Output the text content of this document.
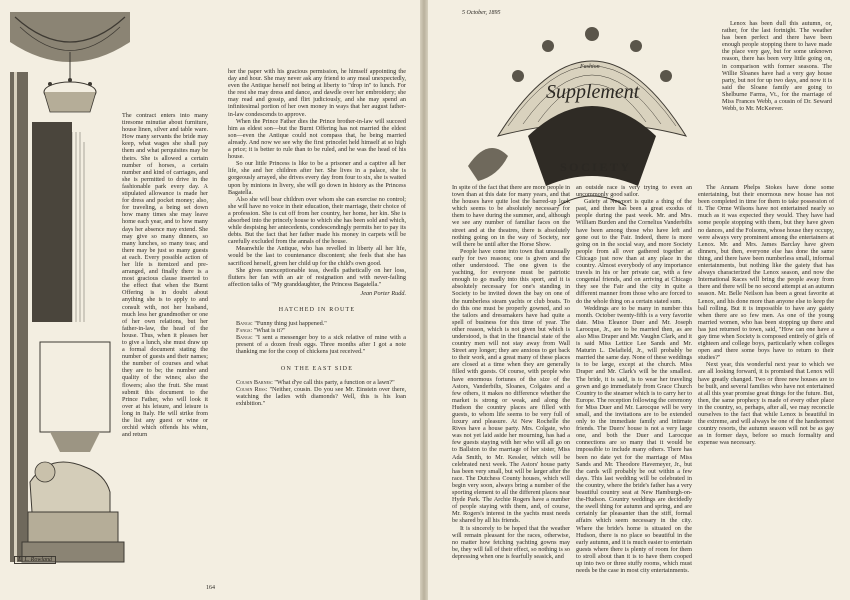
L. L. Rowland

The contract enters into many tiresome minutiæ about furniture, house linen, silver and table ware. How many servants the bride may keep, what wages she shall pay them and what perquisites may be theirs. She is allowed a certain number of horses, a certain number and kind of carriages, and she is permitted to drive in the fashionable park every day. A stipulated allowance is made her for dress and pocket money; also, for traveling, a being set down how many times she may leave home each year, and to how many days her absence may extend. She may give so many dinners, so many lunches, so many teas; and there may be just so many guests at each. Every possible action of her life is itemized and pre-arranged, and finally there is a most gracious clause inserted to the effect that when the Burnt Offering is in doubt about anything she is to apply to and consult with, not her husband, much less her grandmother or one of her own relations, but her father-in-law, the head of the house. Thus, when it pleases her to give a lunch, she must draw up a formal document stating the number of guests and their names; the number of courses and what they are to be; the number and quality of the wines; also the flowers; also the fruit. She must submit this document to the Prince Father, who will look it over at his leisure, and leisure is long in Italy. He will strike from the list any guest or wine or orchid which offends his whim, and return

her the paper with his gracious permission, he himself appointing the day and hour. She may never ask any friend to any meal unexpectedly, even the Antique herself not being at liberty to "drop in" to lunch. For the rest she may dress and dance, and dawdle over her embroidery; she may read and gossip, and flirt judiciously, and she may spend an infinitesimal portion of her own money in ways that her august father-in-law condescends to approve.

When the Prince Father dies the Prince brother-in-law will succeed him as eldest son—but the Burnt Offering has not married the eldest son—even the Antique could not compass that, he being married already. And now we see why the first princelet held himself at so high a price; it is better to rule than to be ruled, and he was the head of his house.

So our little Princess is like to be a prisoner and a captive all her life, she and her children after her. She lives in a palace, she is gorgeously arrayed, she drives every day from four to six, she is waited upon by minions in livery, she will go down in history as the Princess Bagatella.

Also she will bear children over whom she can exercise no control; she will have no voice in their education, their marriage, their choice of a profession. She is cut off from her country, her home, her kin. She is absorbed into the princely house to which she has been sold and which, while despising her antecedents, condescendingly permits her to pay its debts. But the fact that her father made his money in carpets will be carefully excluded from the annals of the house.

Meanwhile the Antique, who has revelled in liberty all her life, would be the last to countenance discontent; she feels that she has sacrificed herself, given her child up for the child's own good.

She gives unexceptionable teas, dwells pathetically on her loss, flutters her fan with an air of resignation and with never-failing affection talks of "My granddaughter, the Princess Bagatella."

Jean Porter Rudd.
HATCHED IN ROUTE

Bangs: "Funny thing just happened."

Fangs: "What is it?"

Bangs: "I sent a messenger boy to a sick relative of mine with a present of a dozen fresh eggs. Three months after I got a note thanking me for the coop of chickens just received."

ON THE EAST SIDE

Cousin Barnes: "What d'ye call this party, a function or a lawn?"

Cousin Ress: "Neither, cousin. Do you see Mr. Einstein over there, watching the ladies with diamonds? Well, this is his loan exhibition."

164
5 October, 1895
Fashion
Supplement
SOCIETY

Lenox has been dull this autumn, or, rather, for the last fortnight. The weather has been perfect and there have been enough people stopping there to have made the place very gay, but for some unknown reason, there has been very little going on, in comparison with former seasons. The Willie Sloanes have had a very gay house party, but not for up two days, and now it is said the Sloane family are going to Shelburne Farms, Vt., for the marriage of Miss Frances Webb, a cousin of Dr. Seward Webb, to Mr. McKeever.

In spite of the fact that there are more people in town than at this date for many years, and that the houses have quite lost the barred-up look which seems to be absolutely necessary for them to have during the summer, and, although we see any number of familiar faces on the street and at the theatres, there is absolutely nothing going on in the way of Society, nor will there be until after the Horse Show.

People have come into town that unusually early for two reasons; one is given and the other understood. The one given is the yachting, for everyone must be patriotic enough to go madly into this sport, and it is absolutely necessary for one's standing in Society to be invited down the bay on one of the numberless steam yachts or club boats. To do this one must be properly gowned, and so the tailors and dressmakers have had quite a spell of business for this time of year. The other reason, which is not given but which is understood, is that in the financial state of the country men will not stay away from Wall Street any longer; they are anxious to get back to their work, and a great many of these places are closed at a time when they are generally filled with guests. Of course, with people who have enormous fortunes of the size of the Astors, Vanderbilts, Sloanes, Colgates and a few others, it makes no difference whether the market is strong or weak, and along the Hudson the country places are filled with guests, to whom life seems to be very full of luxury and pleasure. At New Rochelle the Rives have a house party. Mrs. Colgate, who was not yet laid aside her mourning, has had a few guests staying with her who will all go on to Ballston to the marriage of her sister, Miss Ada Smith, to Mr. Kessler, which will be celebrated next week. The Astors' house party has been very small, but will be larger after the race. The Dutchess County houses, which will begin very soon, always bring a number of the sporting element to all the different places near Hyde Park. The Archie Rogers have a number of people staying with them, and, of course, Mr. Rogers's interest in the yachts must needs be shared by all his friends.

It is sincerely to be hoped that the weather will remain pleasant for the races, otherwise, no matter how fetching yachting gowns may be, they will fall of their effect, so nothing is so depressing when one is fearfully seasick, and

an outside race is very trying to even an uncommonly good sailor.

Gaiety at Newport is quite a thing of the past, and there has been a great exodus of people during the past week. Mr. and Mrs. William Burden and the Cornelius Vanderbilts have been among those who have left and gone out to the Fair. Indeed, there is more going on in the social way, and more Society people from all over gathered together at Chicago just now than at any place in the country. Almost everybody of any importance travels in his or her private car, with a few congenial friends, and on arriving at Chicago they see the Fair and the city in quite a different manner from those who are forced to do the whole thing on a certain stated sum.

Weddings are to be many in number this month. October twenty-fifth is a very favorite date. Miss Eleanor Duer and Mr. Joseph Larocque, Jr., are to be married then, as are also Miss Draper and Mr. Vaughn Clark, and it is said Miss Lettice Lee Sands and Mr. Maturin L. Delafield, Jr., will probably be married the same day. None of these weddings is to be large, except at the church. Miss Draper and Mr. Clark's will be the smallest. The bride, it is said, is to wear her traveling gown and go immediately from Grace Church Country to the steamer which is to carry her to Europe. The reception following the ceremony for Miss Duer and Mr. Larocque will be very small, and the invitations are to be extended only to the immediate family and intimate friends. The Duers' house is not a very large one, and both the Duer and Larocque connections are so many that it would be impossible to include many others. There has been no date yet for the marriage of Miss Sands and Mr. Theodore Havemeyer, Jr., but the cards will probably be out within a few days. This last wedding will be celebrated in the country, where the bride's father has a very beautiful country seat at New Hamburgh-on-the-Hudson. Country weddings are decidedly the swell thing for autumn and spring, and are certainly far pleasanter than the stiff, formal affairs which seem necessary in the city. Where the bride's home is situated on the Hudson, there is no place so beautiful in the early autumn, and it is much easier to entertain guests where there is plenty of room for them to stroll about than it is to have them cooped up into two or three stuffy rooms, which must needs be the case in most city entertainments.

The Annam Phelps Stokes have done some entertaining, but their enormous new house has not been completed in time for them to take possession of it. The Orme Wilsons have not entertained nearly so much as it was expected they would. They have had some people stopping with them, but they have given no dances, and the Folsoms, whose house they occupy, were always very prominent among the entertainers at Lenox. Mr. and Mrs. James Barclay have given dinners, but then, everyone else has done the same thing, and there have been numberless small, informal entertainments, but nothing like the gaiety that has always characterized the Lenox season, and now the International Races will bring the people away from there and there will be no second attempt at an autumn season. Mr. Belle Neilson has been a great favorite at Lenox, and his done more than anyone else to keep the ball rolling. But it is impossible to have any gaiety when there are so few men. As one of the young married women, who has been stopping up there and has just returned to town, said, "How can one have a gay time when Society is composed entirely of girls of eighteen and college boys, particularly when colleges open and there some boys have to return to their studies?"

Next year, this wonderful next year to which we are all looking forward, it is promised that Lenox will have greatly changed. Two or three new houses are to be built, and several families who have not entertained at all this year promise great things for the future. But, then, the same prophecy is made of every other place in the country, so, perhaps, after all, we may reconcile ourselves to the fact that while Lenox is beautiful in the extreme, and will always be one of the handsomest country resorts, the autumn season will not be as gay as in former days, before so much formality and expense was necessary.
